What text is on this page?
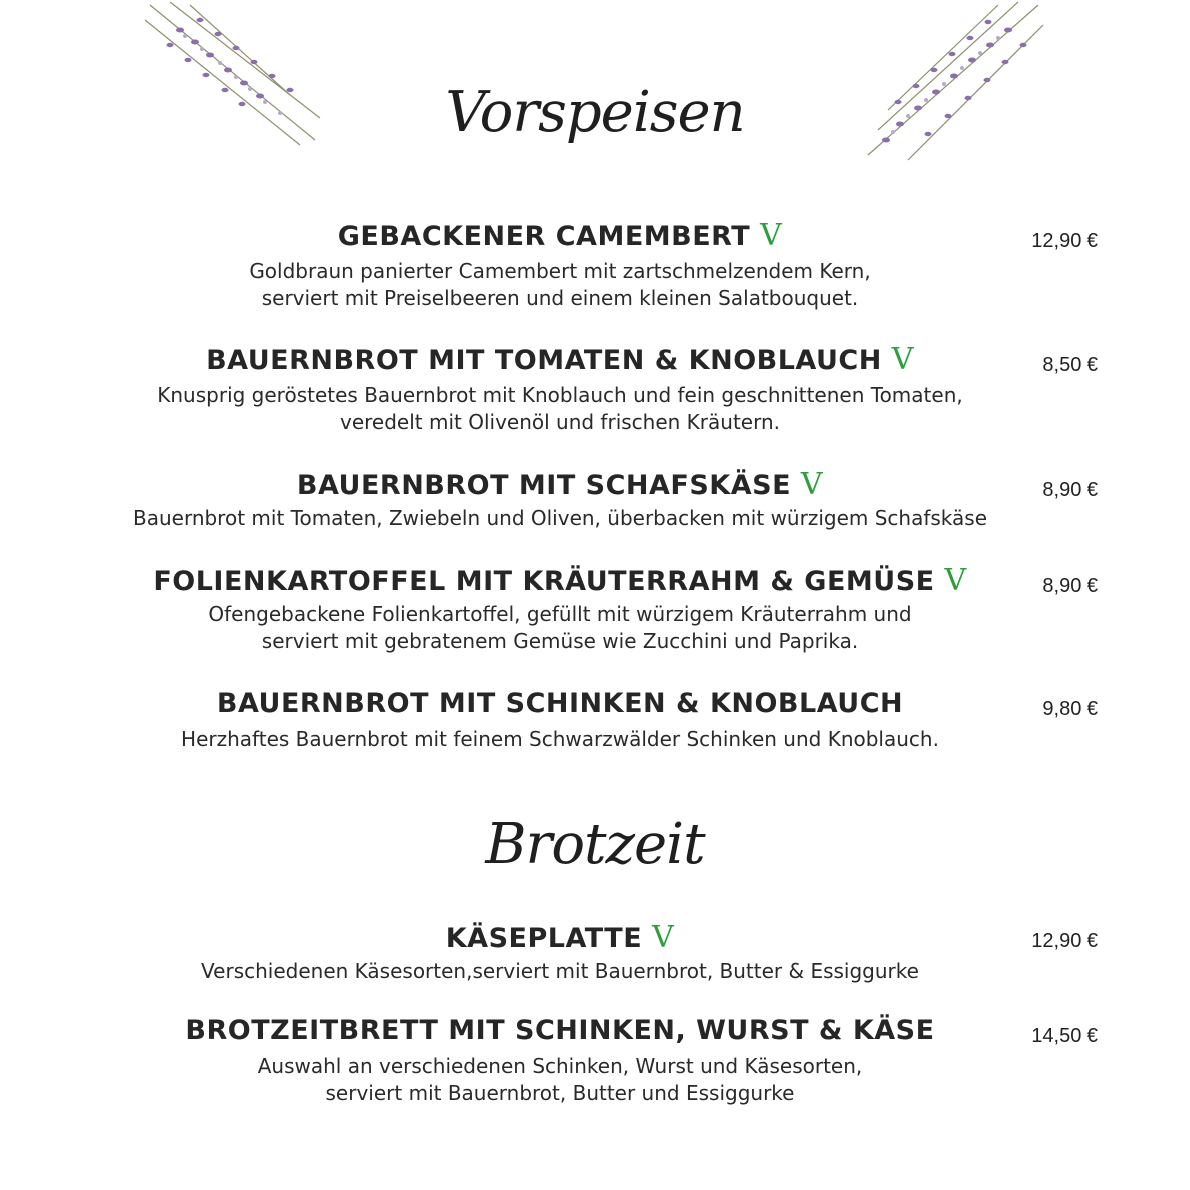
Vorspeisen
GEBACKENER CAMEMBERT V	12,90 €
Goldbraun panierter Camembert mit zartschmelzendem Kern,
serviert mit Preiselbeeren und einem kleinen Salatbouquet.
BAUERNBROT MIT TOMATEN & KNOBLAUCH V	8,50 €
Knusprig geröstetes Bauernbrot mit Knoblauch und fein geschnittenen Tomaten,
veredelt mit Olivenöl und frischen Kräutern.
BAUERNBROT MIT SCHAFSKÄSE V	8,90 €
Bauernbrot mit Tomaten, Zwiebeln und Oliven, überbacken mit würzigem Schafskäse
FOLIENKARTOFFEL MIT KRÄUTERRAHM & GEMÜSE V	8,90 €
Ofengebackene Folienkartoffel, gefüllt mit würzigem Kräuterrahm und
serviert mit gebratenem Gemüse wie Zucchini und Paprika.
BAUERNBROT MIT SCHINKEN & KNOBLAUCH	9,80 €
Herzhaftes Bauernbrot mit feinem Schwarzwälder Schinken und Knoblauch.
Brotzeit
KÄSEPLATTE V	12,90 €
Verschiedenen Käsesorten,serviert mit Bauernbrot, Butter & Essiggurke
BROTZEITBRETT MIT SCHINKEN, WURST & KÄSE	14,50 €
Auswahl an verschiedenen Schinken, Wurst und Käsesorten,
serviert mit Bauernbrot, Butter und Essiggurke
